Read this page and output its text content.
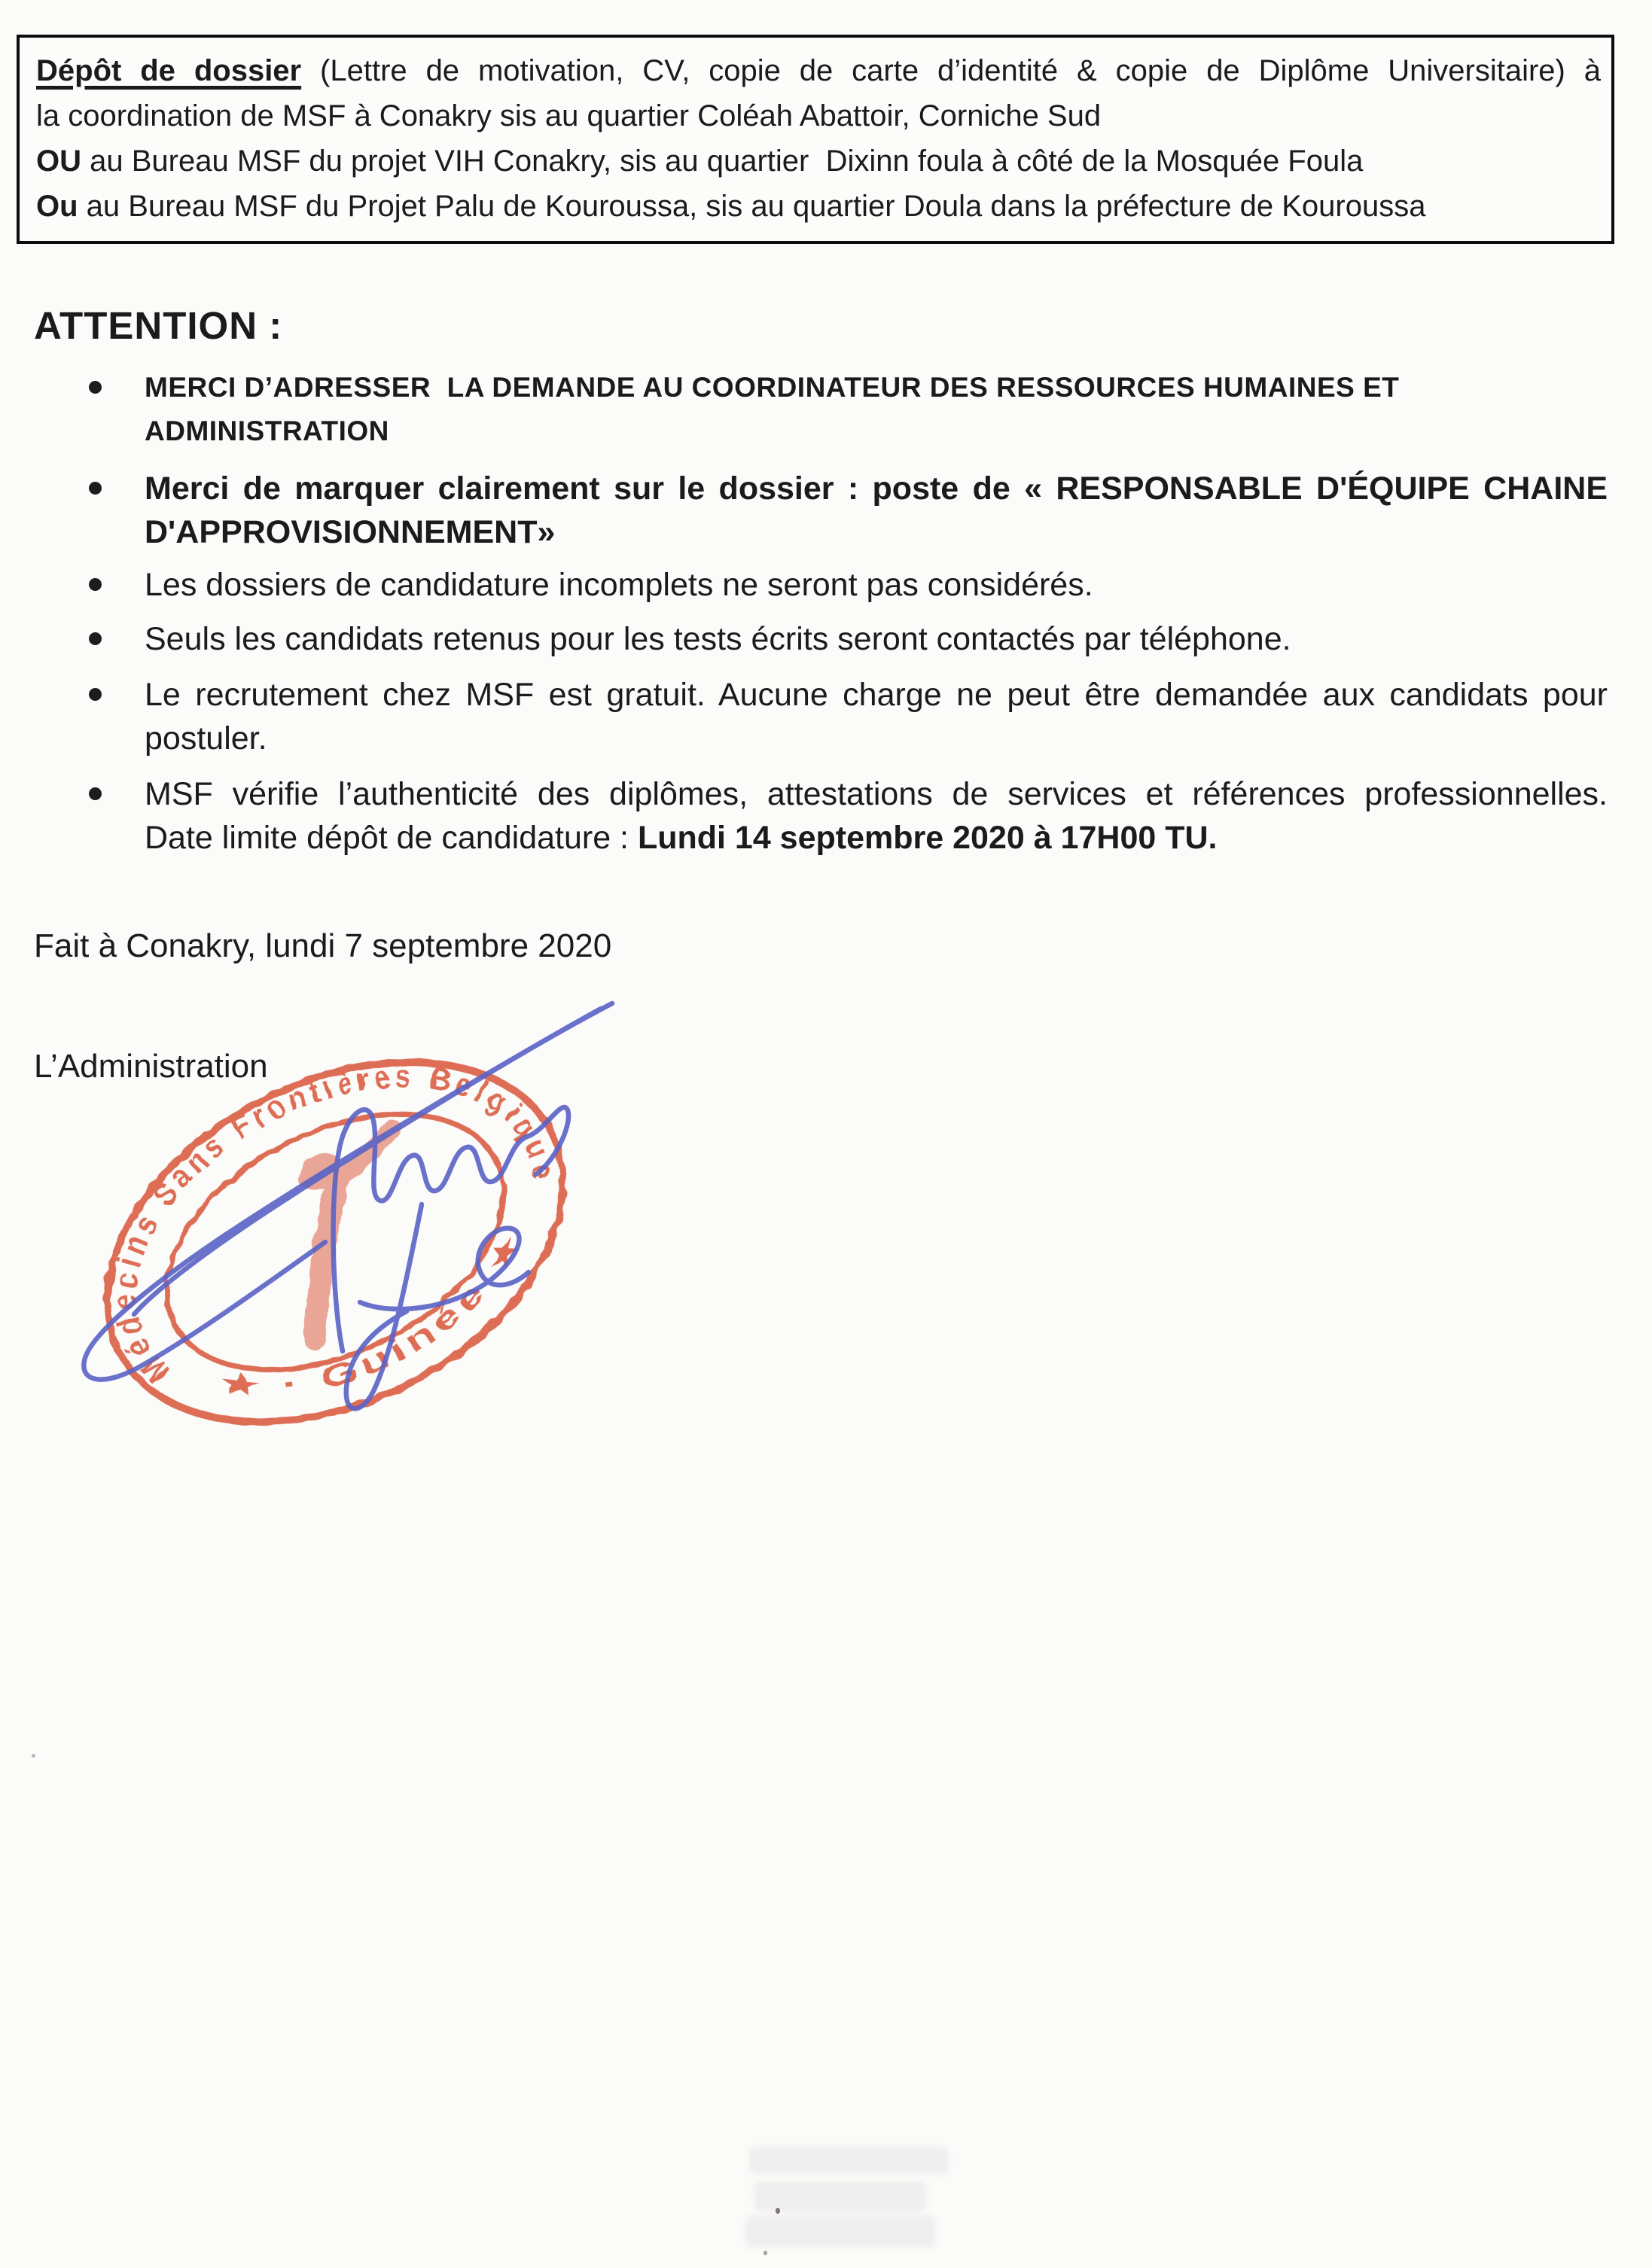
Dépôt de dossier (Lettre de motivation, CV, copie de carte d’identité & copie de Diplôme Universitaire) à
la coordination de MSF à Conakry sis au quartier Coléah Abattoir, Corniche Sud
OU au Bureau MSF du projet VIH Conakry, sis au quartier  Dixinn foula à côté de la Mosquée Foula
Ou au Bureau MSF du Projet Palu de Kouroussa, sis au quartier Doula dans la préfecture de Kouroussa
ATTENTION :
MERCI D’ADRESSER  LA DEMANDE AU COORDINATEUR DES RESSOURCES HUMAINES ET ADMINISTRATION
Merci de marquer clairement sur le dossier : poste de « RESPONSABLE D'ÉQUIPE CHAINE
D'APPROVISIONNEMENT»
Les dossiers de candidature incomplets ne seront pas considérés.
Seuls les candidats retenus pour les tests écrits seront contactés par téléphone.
Le recrutement chez MSF est gratuit. Aucune charge ne peut être demandée aux candidats pour
postuler.
MSF vérifie l’authenticité des diplômes, attestations de services et références professionnelles.
Date limite dépôt de candidature : Lundi 14 septembre 2020 à 17H00 TU.
Fait à Conakry, lundi 7 septembre 2020
L’Administration
Médecins Sans Frontières Belgique
★ · Guinée ★
